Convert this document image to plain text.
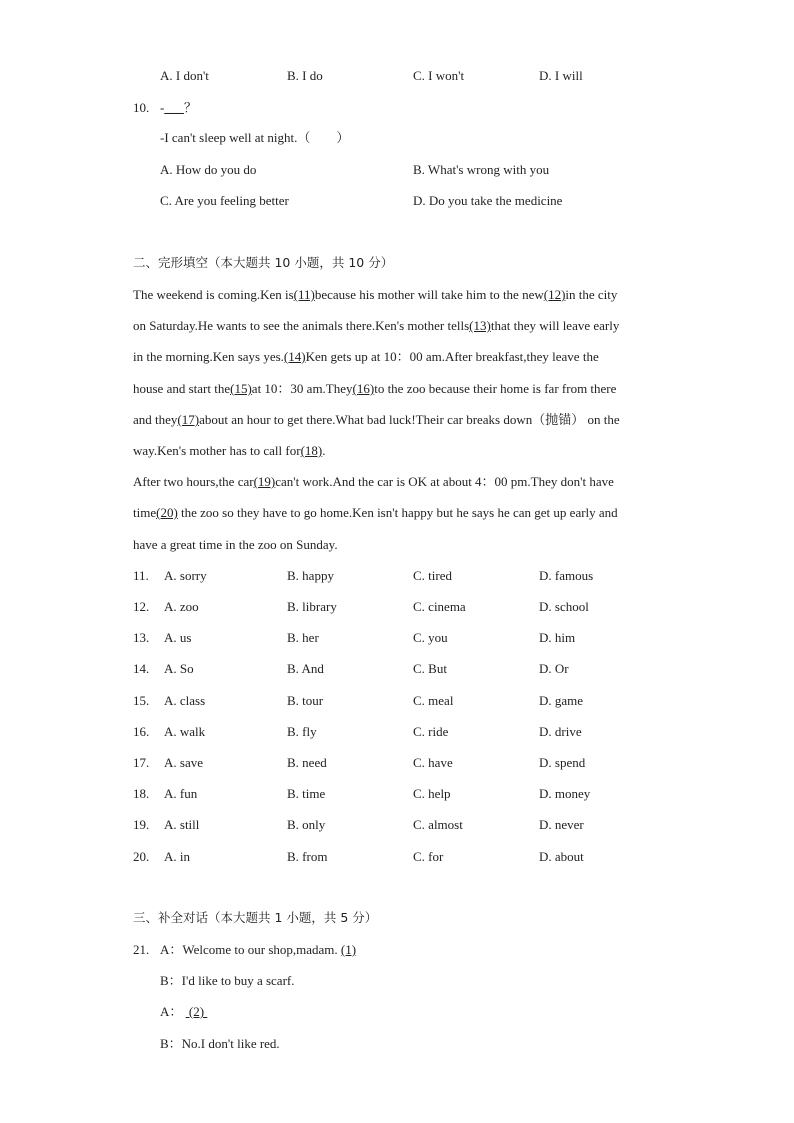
A. I don't	B. I do	C. I won't	D. I will
10. -___？
-I can't sleep well at night.（　　）
A. How do you do	B. What's wrong with you
C. Are you feeling better	D. Do you take the medicine
二、完形填空（本大题共 10 小题，共 10 分）
The weekend is coming.Ken is(11)because his mother will take him to the new(12)in the city
on Saturday.He wants to see the animals there.Ken's mother tells(13)that they will leave early
in the morning.Ken says yes.(14)Ken gets up at 10：00 am.After breakfast,they leave the
house and start the(15)at 10：30 am.They(16)to the zoo because their home is far from there
and they(17)about an hour to get there.What bad luck!Their car breaks down（抛锚） on the
way.Ken's mother has to call for(18).
After two hours,the car(19)can't work.And the car is OK at about 4：00 pm.They don't have
time(20) the zoo so they have to go home.Ken isn't happy but he says he can get up early and
have a great time in the zoo on Sunday.
11. A. sorry	B. happy	C. tired	D. famous
12. A. zoo	B. library	C. cinema	D. school
13. A. us	B. her	C. you	D. him
14. A. So	B. And	C. But	D. Or
15. A. class	B. tour	C. meal	D. game
16. A. walk	B. fly	C. ride	D. drive
17. A. save	B. need	C. have	D. spend
18. A. fun	B. time	C. help	D. money
19. A. still	B. only	C. almost	D. never
20. A. in	B. from	C. for	D. about
三、补全对话（本大题共 1 小题，共 5 分）
21. A：Welcome to our shop,madam. (1)
B：I'd like to buy a scarf.
A：  (2)
B：No.I don't like red.
